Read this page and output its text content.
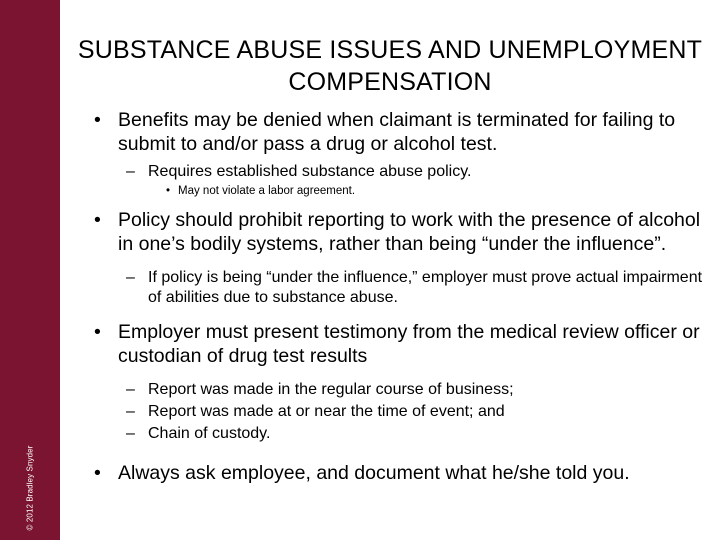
© 2012 Bradley Snyder
SUBSTANCE ABUSE ISSUES AND UNEMPLOYMENT
COMPENSATION
• Benefits may be denied when claimant is terminated for failing to submit to and/or pass a drug or alcohol test.
– Requires established substance abuse policy.
• May not violate a labor agreement.
• Policy should prohibit reporting to work with the presence of alcohol in one’s bodily systems, rather than being “under the influence”.
– If policy is being “under the influence,” employer must prove actual impairment of abilities due to substance abuse.
• Employer must present testimony from the medical review officer or custodian of drug test results
– Report was made in the regular course of business;
– Report was made at or near the time of event; and
– Chain of custody.
• Always ask employee, and document what he/she told you.
